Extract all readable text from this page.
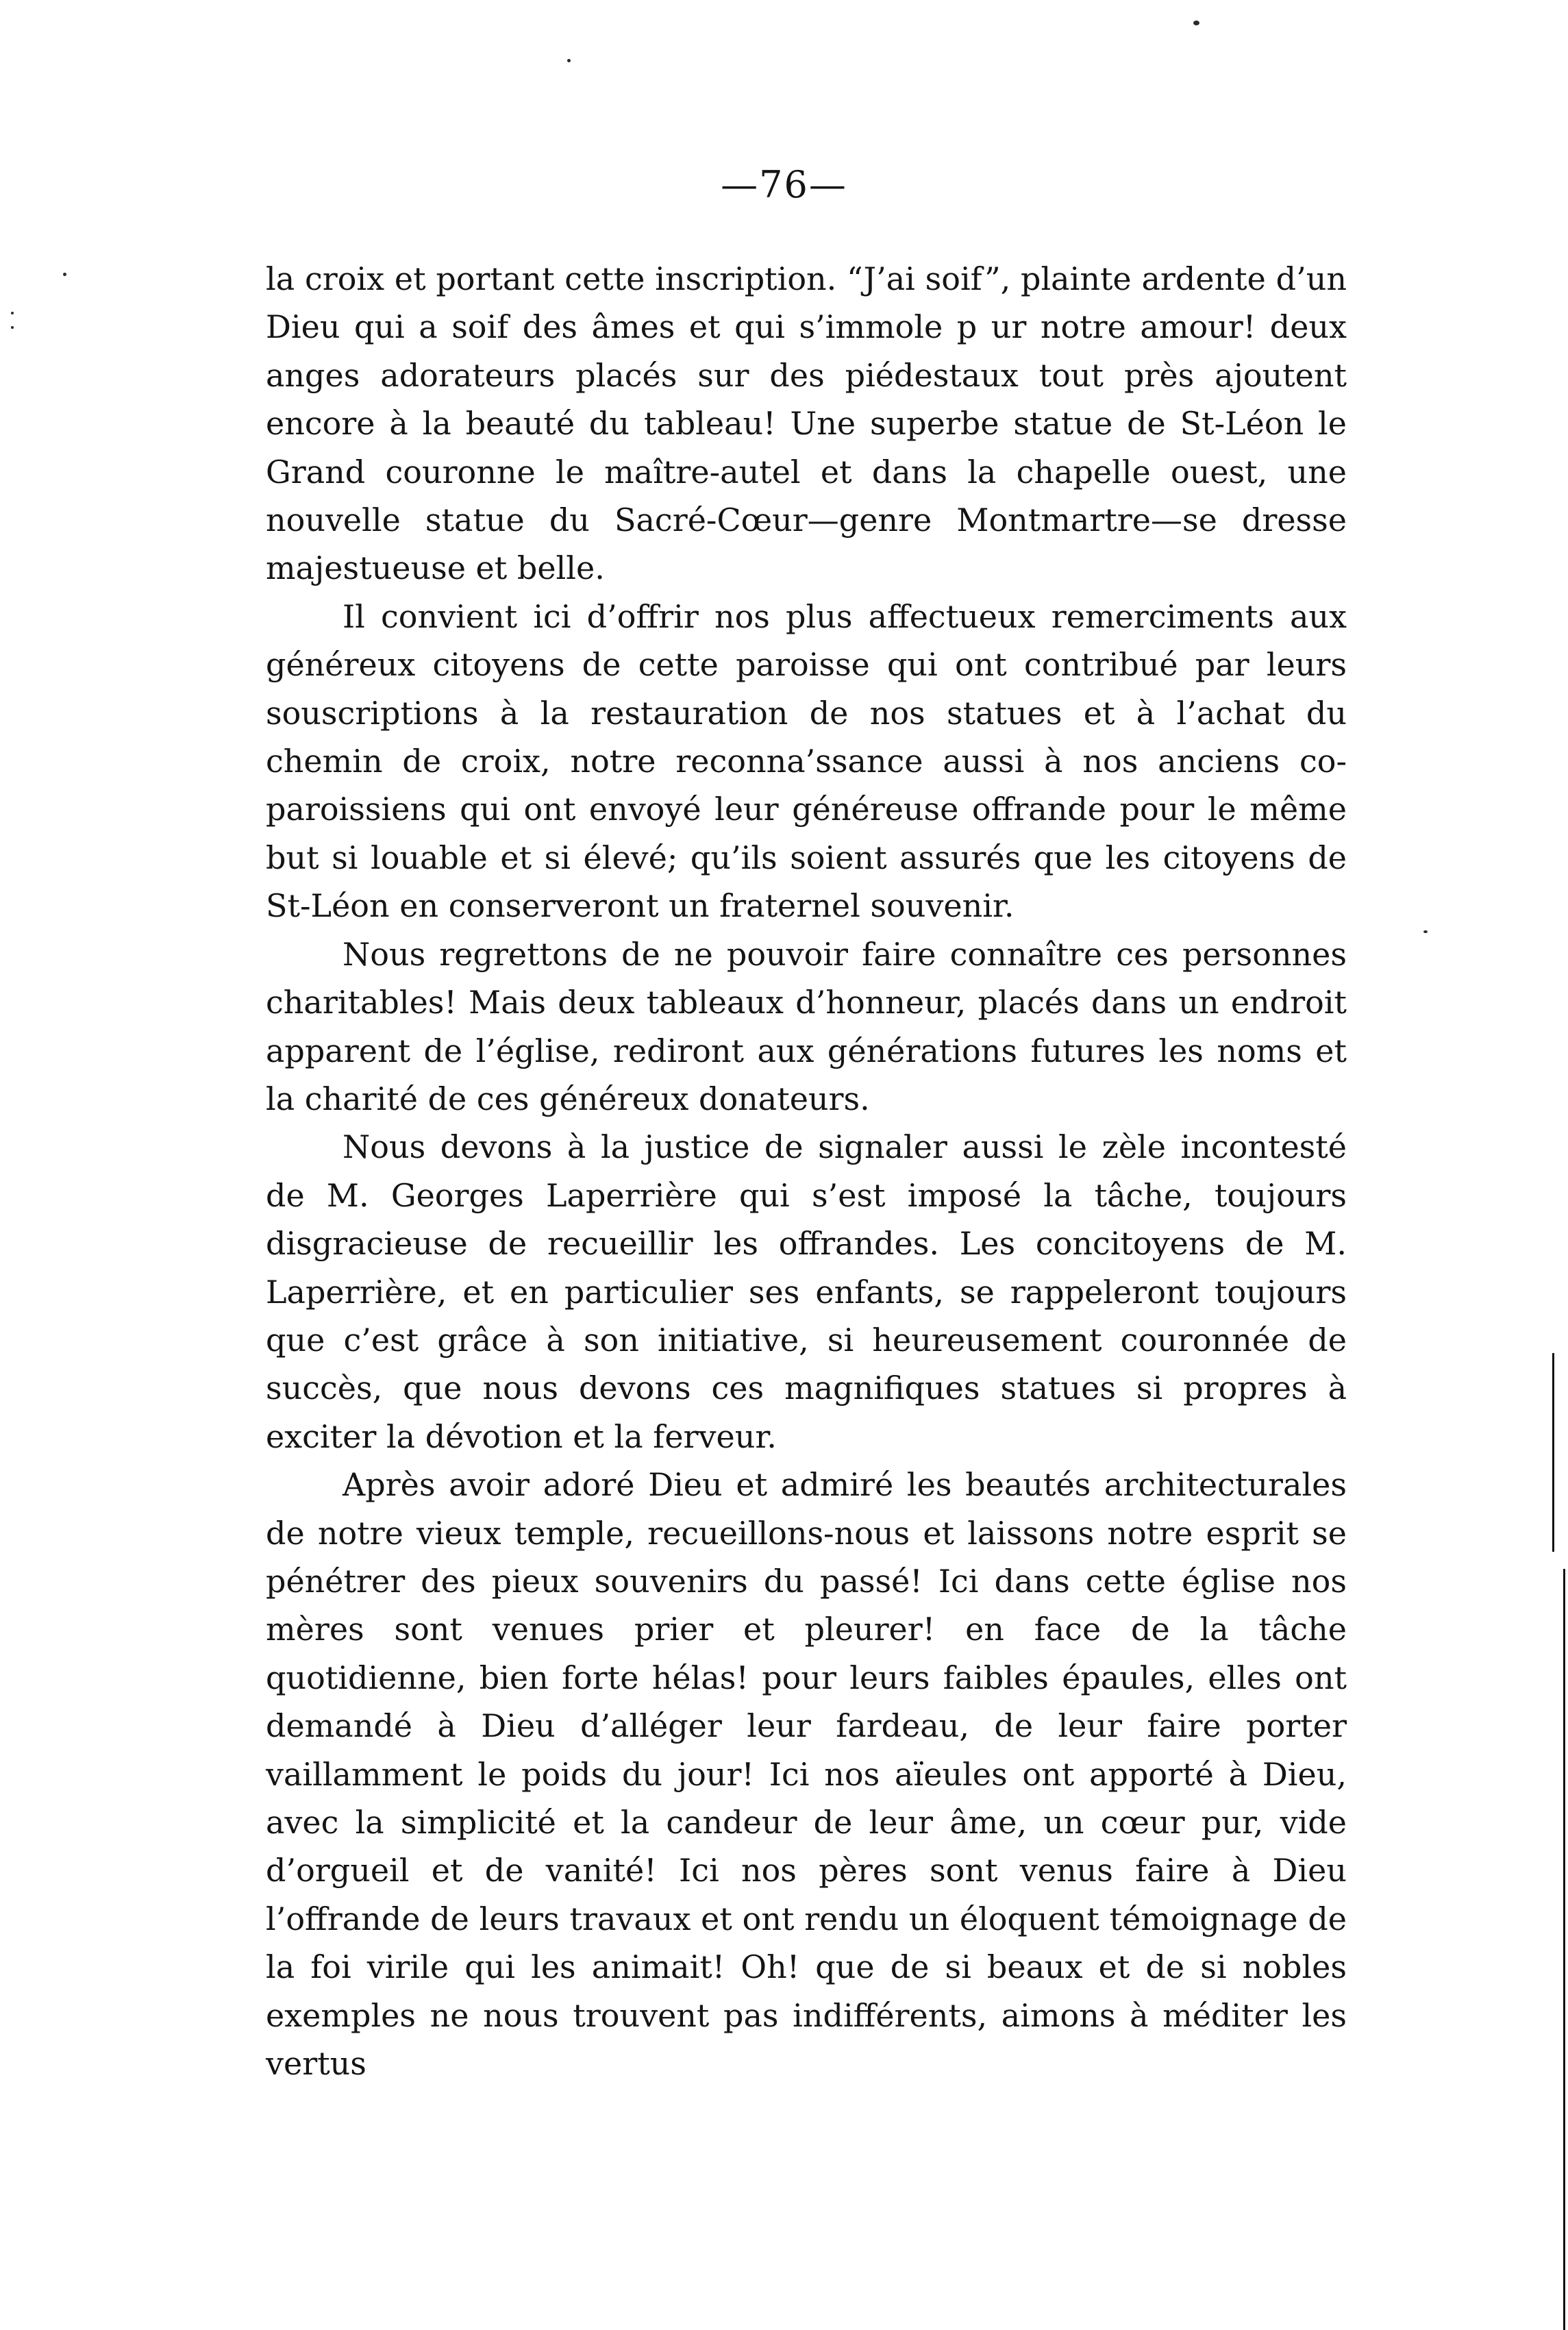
—76—

la croix et portant cette inscription. “J’ai soif”, plainte ardente d’un Dieu qui a soif des âmes et qui s’immole p ur notre amour! deux anges adorateurs placés sur des piédestaux tout près ajoutent encore à la beauté du tableau! Une superbe statue de St-Léon le Grand couronne le maître-autel et dans la chapelle ouest, une nouvelle statue du Sacré-Cœur—genre Montmartre—se dresse majestueuse et belle.

Il convient ici d’offrir nos plus affectueux remerciments aux généreux citoyens de cette paroisse qui ont contribué par leurs souscriptions à la restauration de nos statues et à l’achat du chemin de croix, notre reconna’ssance aussi à nos anciens co-paroissiens qui ont envoyé leur généreuse offrande pour le même but si louable et si élevé; qu’ils soient assurés que les citoyens de St-Léon en conserveront un fraternel souvenir.

Nous regrettons de ne pouvoir faire connaître ces personnes charitables! Mais deux tableaux d’honneur, placés dans un endroit apparent de l’église, rediront aux générations futures les noms et la charité de ces généreux donateurs.

Nous devons à la justice de signaler aussi le zèle incontesté de M. Georges Laperrière qui s’est imposé la tâche, toujours disgracieuse de recueillir les offrandes. Les concitoyens de M. Laperrière, et en particulier ses enfants, se rappeleront toujours que c’est grâce à son initiative, si heureusement couronnée de succès, que nous devons ces magnifiques statues si propres à exciter la dévotion et la ferveur.

Après avoir adoré Dieu et admiré les beautés architecturales de notre vieux temple, recueillons-nous et laissons notre esprit se pénétrer des pieux souvenirs du passé! Ici dans cette église nos mères sont venues prier et pleurer! en face de la tâche quotidienne, bien forte hélas! pour leurs faibles épaules, elles ont demandé à Dieu d’alléger leur fardeau, de leur faire porter vaillamment le poids du jour! Ici nos aïeules ont apporté à Dieu, avec la simplicité et la candeur de leur âme, un cœur pur, vide d’orgueil et de vanité! Ici nos pères sont venus faire à Dieu l’offrande de leurs travaux et ont rendu un éloquent témoignage de la foi virile qui les animait! Oh! que de si beaux et de si nobles exemples ne nous trouvent pas indifférents, aimons à méditer les vertus
